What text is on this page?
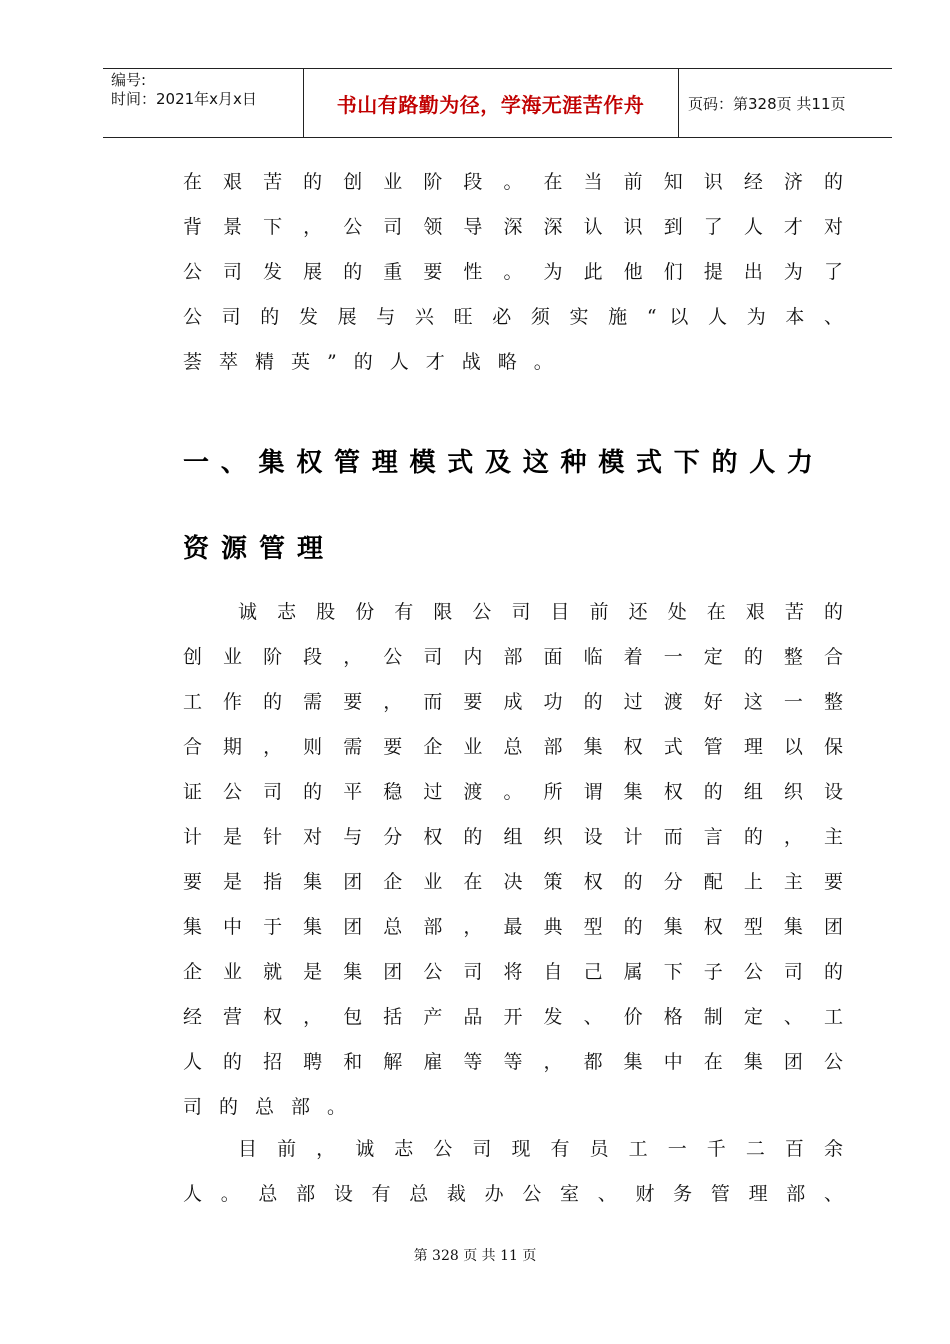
编号:
时间：2021年x月x日	书山有路勤为径，学海无涯苦作舟	页码：第328页 共11页
在 艰 苦 的 创 业 阶 段 。 在 当 前 知 识 经 济 的
背 景 下 ， 公 司 领 导 深 深 认 识 到 了 人 才 对
公 司 发 展 的 重 要 性 。 为 此 他 们 提 出 为 了
公 司 的 发 展 与 兴 旺 必 须 实 施 “ 以 人 为 本 、
荟萃精英”的人才战略。
一 、 集 权 管 理 模 式 及 这 种 模 式 下 的 人 力
资源管理
诚 志 股 份 有 限 公 司 目 前 还 处 在 艰 苦 的
创 业 阶 段 ， 公 司 内 部 面 临 着 一 定 的 整 合
工 作 的 需 要 ， 而 要 成 功 的 过 渡 好 这 一 整
合 期 ， 则 需 要 企 业 总 部 集 权 式 管 理 以 保
证 公 司 的 平 稳 过 渡 。 所 谓 集 权 的 组 织 设
计 是 针 对 与 分 权 的 组 织 设 计 而 言 的 ， 主
要 是 指 集 团 企 业 在 决 策 权 的 分 配 上 主 要
集 中 于 集 团 总 部 ， 最 典 型 的 集 权 型 集 团
企 业 就 是 集 团 公 司 将 自 己 属 下 子 公 司 的
经 营 权 ， 包 括 产 品 开 发 、 价 格 制 定 、 工
人 的 招 聘 和 解 雇 等 等 ， 都 集 中 在 集 团 公
司的总部。
目 前 ， 诚 志 公 司 现 有 员 工 一 千 二 百 余
人 。 总 部 设 有 总 裁 办 公 室 、 财 务 管 理 部 、
第 328 页 共 11 页
